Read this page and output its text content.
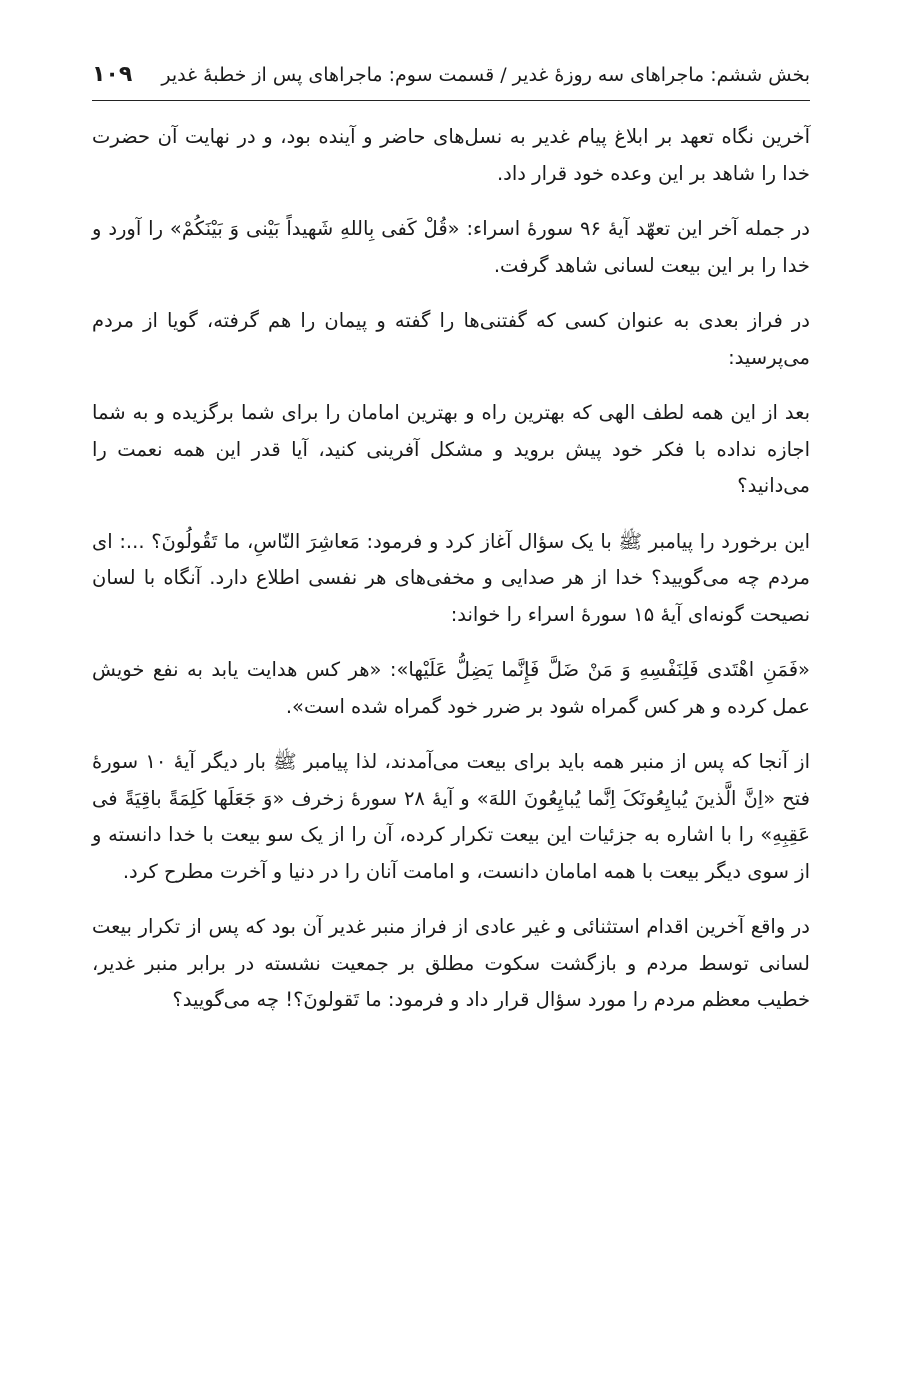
بخش ششم: ماجراهای سه روزهٔ غدیر / قسمت سوم: ماجراهای پس از خطبهٔ غدیر
۱۰۹

آخرین نگاه تعهد بر ابلاغ پیام غدیر به نسل‌های حاضر و آینده بود، و در نهایت آن حضرت خدا را شاهد بر این وعده خود قرار داد.

در جمله آخر این تعهّد آیهٔ ۹۶ سورهٔ اسراء: «قُلْ کَفی بِاللهِ شَهیداً بَیْنی وَ بَیْنَکُمْ» را آورد و خدا را بر این بیعت لسانی شاهد گرفت.

در فراز بعدی به عنوان کسی که گفتنی‌ها را گفته و پیمان را هم گرفته، گویا از مردم می‌پرسید:

بعد از این همه لطف الهی که بهترین راه و بهترین امامان را برای شما برگزیده و به شما اجازه نداده با فکر خود پیش بروید و مشکل آفرینی کنید، آیا قدر این همه نعمت را می‌دانید؟

این برخورد را پیامبر ﷺ با یک سؤال آغاز کرد و فرمود: مَعاشِرَ النّاسِ، ما تَقُولُونَ؟ ...: ای مردم چه می‌گویید؟ خدا از هر صدایی و مخفی‌های هر نفسی اطلاع دارد. آنگاه با لسان نصیحت گونه‌ای آیهٔ ۱۵ سورهٔ اسراء را خواند:

«فَمَنِ اهْتَدی فَلِنَفْسِهِ وَ مَنْ ضَلَّ فَإِنَّما یَضِلُّ عَلَیْها»: «هر کس هدایت یابد به نفع خویش عمل کرده و هر کس گمراه شود بر ضرر خود گمراه شده است».

از آنجا که پس از منبر همه باید برای بیعت می‌آمدند، لذا پیامبر ﷺ بار دیگر آیهٔ ۱۰ سورهٔ فتح «اِنَّ الَّذینَ یُبایِعُونَکَ اِنَّما یُبایِعُونَ اللهَ» و آیهٔ ۲۸ سورهٔ زخرف «وَ جَعَلَها کَلِمَةً باقِیَةً فی عَقِبِهِ» را با اشاره به جزئیات این بیعت تکرار کرده، آن را از یک سو بیعت با خدا دانسته و از سوی دیگر بیعت با همه امامان دانست، و امامت آنان را در دنیا و آخرت مطرح کرد.

در واقع آخرین اقدام استثنائی و غیر عادی از فراز منبر غدیر آن بود که پس از تکرار بیعت لسانی توسط مردم و بازگشت سکوت مطلق بر جمعیت نشسته در برابر منبر غدیر، خطیب معظم مردم را مورد سؤال قرار داد و فرمود: ما تَقولونَ؟! چه می‌گویید؟
